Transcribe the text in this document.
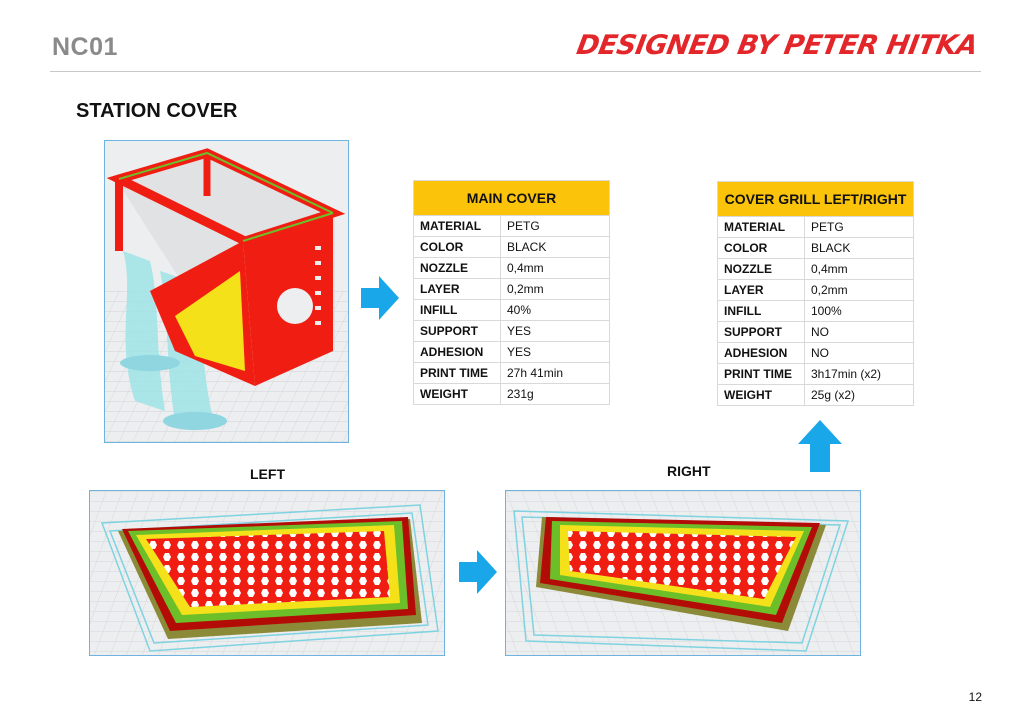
NC01	DESIGNED BY PETER HITKA
STATION COVER
MAIN COVER	
MATERIAL	PETG
COLOR	BLACK
NOZZLE	0,4mm
LAYER	0,2mm
INFILL	40%
SUPPORT	YES
ADHESION	YES
PRINT TIME	27h 41min
WEIGHT	231g
COVER GRILL LEFT/RIGHT	
MATERIAL	PETG
COLOR	BLACK
NOZZLE	0,4mm
LAYER	0,2mm
INFILL	100%
SUPPORT	NO
ADHESION	NO
PRINT TIME	3h17min (x2)
WEIGHT	25g (x2)
LEFT	RIGHT
12
